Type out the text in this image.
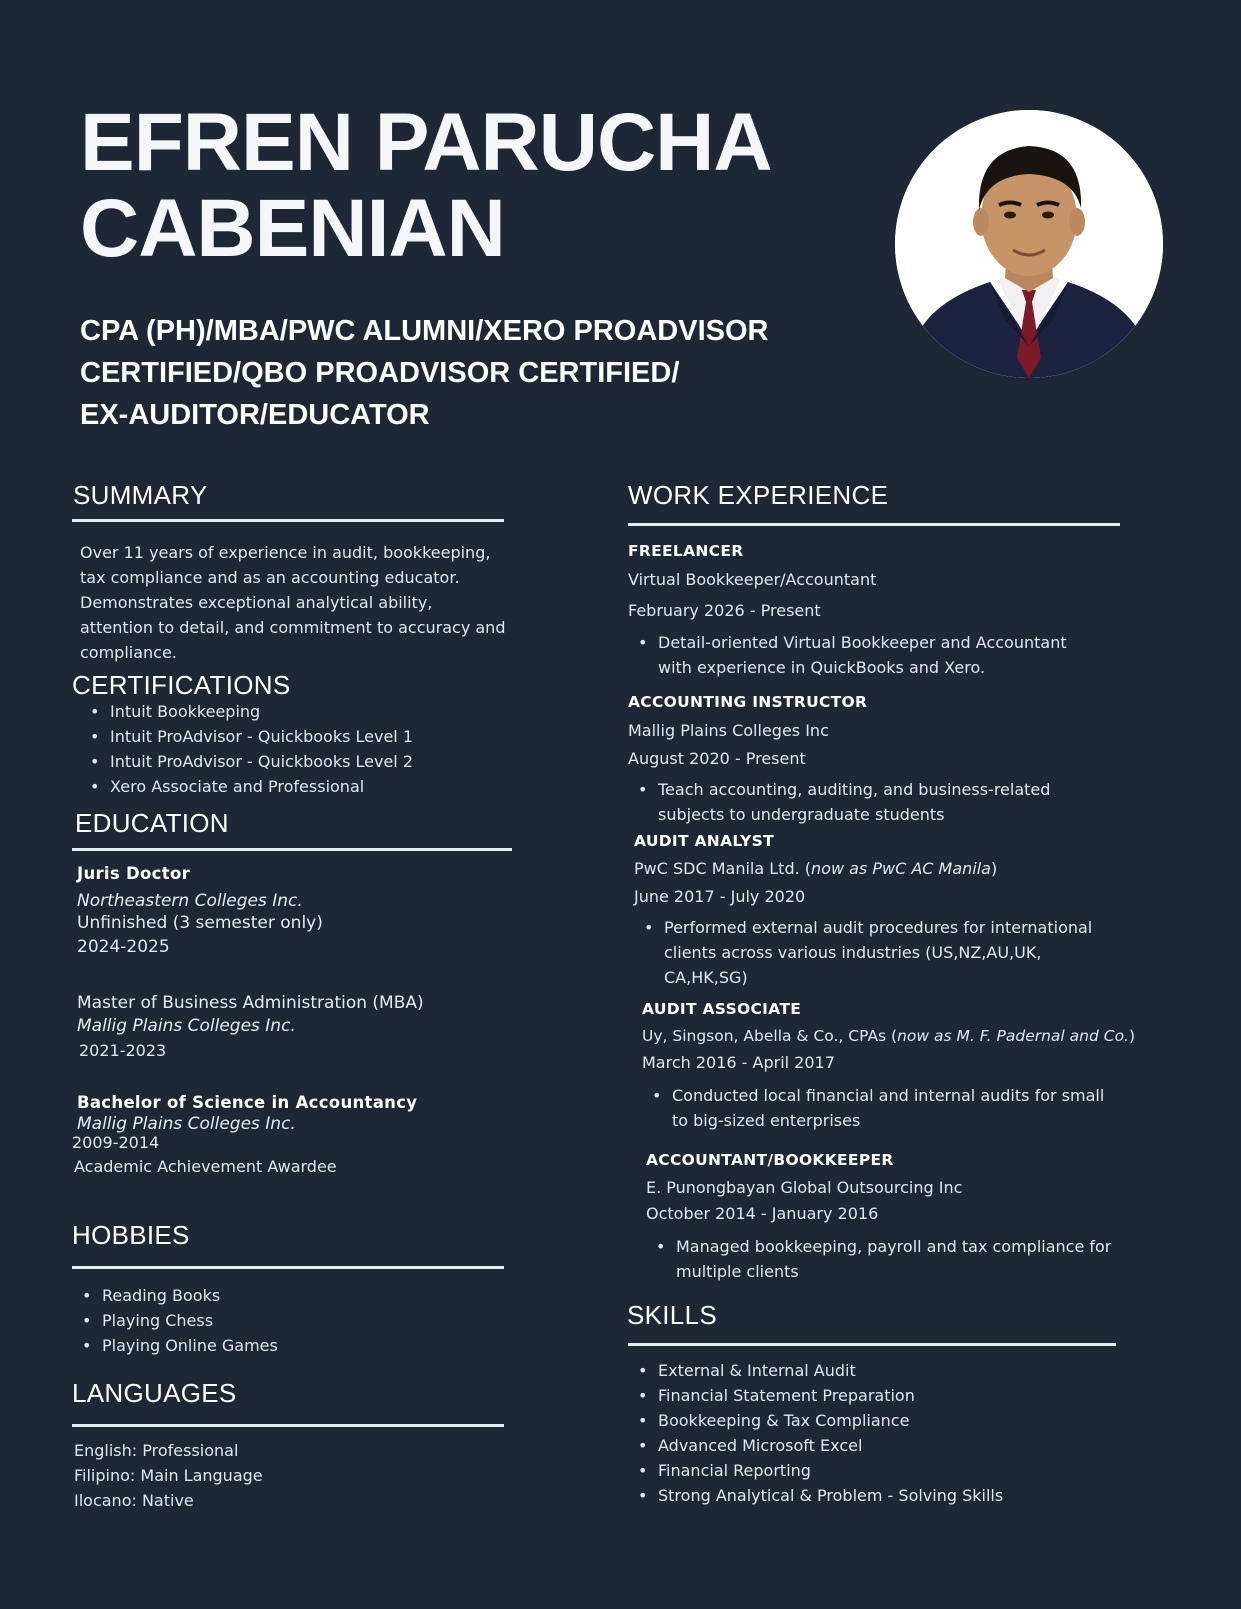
EFREN PARUCHA
CABENIAN
CPA (PH)/MBA/PWC ALUMNI/XERO PROADVISOR
CERTIFIED/QBO PROADVISOR CERTIFIED/
EX-AUDITOR/EDUCATOR
SUMMARY

Over 11 years of experience in audit, bookkeeping, tax compliance and as an accounting educator. Demonstrates exceptional analytical ability, attention to detail, and commitment to accuracy and compliance.

CERTIFICATIONS
• Intuit Bookkeeping
• Intuit ProAdvisor - Quickbooks Level 1
• Intuit ProAdvisor - Quickbooks Level 2
• Xero Associate and Professional
EDUCATION
Juris Doctor
Northeastern Colleges Inc.
Unfinished (3 semester only)
2024-2025
Master of Business Administration (MBA)
Mallig Plains Colleges Inc.
2021-2023
Bachelor of Science in Accountancy
Mallig Plains Colleges Inc.
2009-2014
Academic Achievement Awardee
HOBBIES
• Reading Books
• Playing Chess
• Playing Online Games
LANGUAGES
English: Professional
Filipino: Main Language
Ilocano: Native
WORK EXPERIENCE
FREELANCER
Virtual Bookkeeper/Accountant
February 2026 - Present
• Detail-oriented Virtual Bookkeeper and Accountant with experience in QuickBooks and Xero.
ACCOUNTING INSTRUCTOR
Mallig Plains Colleges Inc
August 2020 - Present
• Teach accounting, auditing, and business-related subjects to undergraduate students
AUDIT ANALYST
PwC SDC Manila Ltd. (now as PwC AC Manila)
June 2017 - July 2020
• Performed external audit procedures for international clients across various industries (US,NZ,AU,UK, CA,HK,SG)
AUDIT ASSOCIATE
Uy, Singson, Abella & Co., CPAs (now as M. F. Padernal and Co.)
March 2016 - April 2017
• Conducted local financial and internal audits for small to big-sized enterprises
ACCOUNTANT/BOOKKEEPER
E. Punongbayan Global Outsourcing Inc
October 2014 - January 2016
• Managed bookkeeping, payroll and tax compliance for multiple clients
SKILLS
• External & Internal Audit
• Financial Statement Preparation
• Bookkeeping & Tax Compliance
• Advanced Microsoft Excel
• Financial Reporting
• Strong Analytical & Problem - Solving Skills
